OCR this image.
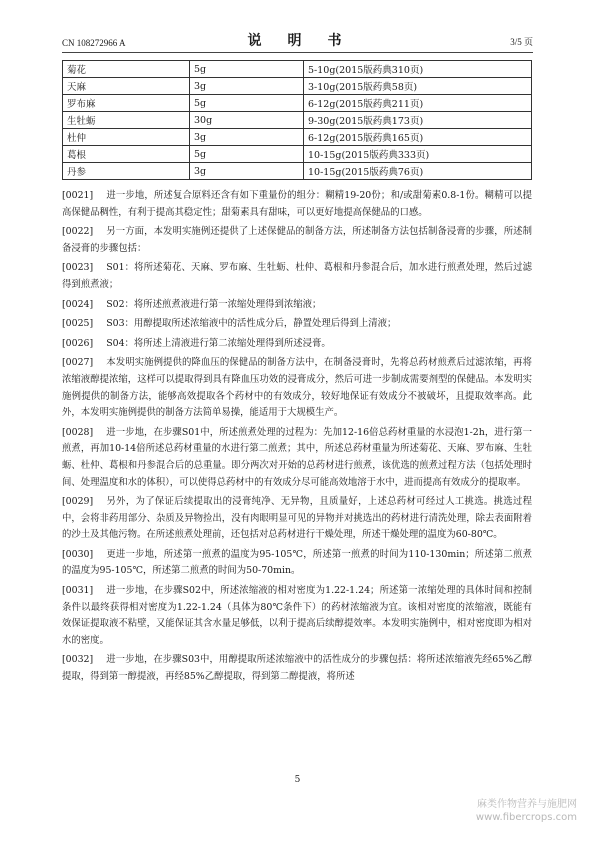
CN 108272966 A	说　明　书	3/5 页
菊花	5g	5-10g(2015版药典310页)
天麻	3g	3-10g(2015版药典58页)
罗布麻	5g	6-12g(2015版药典211页)
生牡蛎	30g	9-30g(2015版药典173页)
杜仲	3g	6-12g(2015版药典165页)
葛根	5g	10-15g(2015版药典333页)
丹参	3g	10-15g(2015版药典76页)
[0021] 进一步地，所述复合原料还含有如下重量份的组分：糊精19-20份；和/或甜菊素0.8-1份。糊精可以提高保健品稠性，有利于提高其稳定性；甜菊素具有甜味，可以更好地提高保健品的口感。
[0022] 另一方面，本发明实施例还提供了上述保健品的制备方法，所述制备方法包括制备浸膏的步骤，所述制备浸膏的步骤包括：
[0023] S01：将所述菊花、天麻、罗布麻、生牡蛎、杜仲、葛根和丹参混合后，加水进行煎煮处理，然后过滤得到煎煮液；
[0024] S02：将所述煎煮液进行第一浓缩处理得到浓缩液；
[0025] S03：用醇提取所述浓缩液中的活性成分后，静置处理后得到上清液；
[0026] S04：将所述上清液进行第二浓缩处理得到所述浸膏。
[0027] 本发明实施例提供的降血压的保健品的制备方法中，在制备浸膏时，先将总药材煎煮后过滤浓缩，再将浓缩液醇提浓缩，这样可以提取得到具有降血压功效的浸膏成分，然后可进一步制成需要剂型的保健品。本发明实施例提供的制备方法，能够高效提取各个药材中的有效成分，较好地保证有效成分不被破坏，且提取效率高。此外，本发明实施例提供的制备方法简单易操，能适用于大规模生产。
[0028] 进一步地，在步骤S01中，所述煎煮处理的过程为：先加12-16倍总药材重量的水浸泡1-2h，进行第一煎煮，再加10-14倍所述总药材重量的水进行第二煎煮；其中，所述总药材重量为所述菊花、天麻、罗布麻、生牡蛎、杜仲、葛根和丹参混合后的总重量。即分两次对开始的总药材进行煎煮，该优选的煎煮过程方法（包括处理时间、处理温度和水的体积），可以使得总药材中的有效成分尽可能高效地溶于水中，进而提高有效成分的提取率。
[0029] 另外，为了保证后续提取出的浸膏纯净、无异物，且质量好，上述总药材可经过人工挑选。挑选过程中，会将非药用部分、杂质及异物捡出，没有肉眼明显可见的异物并对挑选出的药材进行清洗处理，除去表面附着的沙土及其他污物。在所述煎煮处理前，还包括对总药材进行干燥处理，所述干燥处理的温度为60-80℃。
[0030] 更进一步地，所述第一煎煮的温度为95-105℃，所述第一煎煮的时间为110-130min；所述第二煎煮的温度为95-105℃，所述第二煎煮的时间为50-70min。
[0031] 进一步地，在步骤S02中，所述浓缩液的相对密度为1.22-1.24；所述第一浓缩处理的具体时间和控制条件以最终获得相对密度为1.22-1.24（具体为80℃条件下）的药材浓缩液为宜。该相对密度的浓缩液，既能有效保证提取液不粘壁，又能保证其含水量足够低，以利于提高后续醇提效率。本发明实施例中，相对密度即为相对水的密度。
[0032] 进一步地，在步骤S03中，用醇提取所述浓缩液中的活性成分的步骤包括：将所述浓缩液先经65%乙醇提取，得到第一醇提液，再经85%乙醇提取，得到第二醇提液，将所述
5
麻类作物营养与施肥网
www.fibercrops.com
